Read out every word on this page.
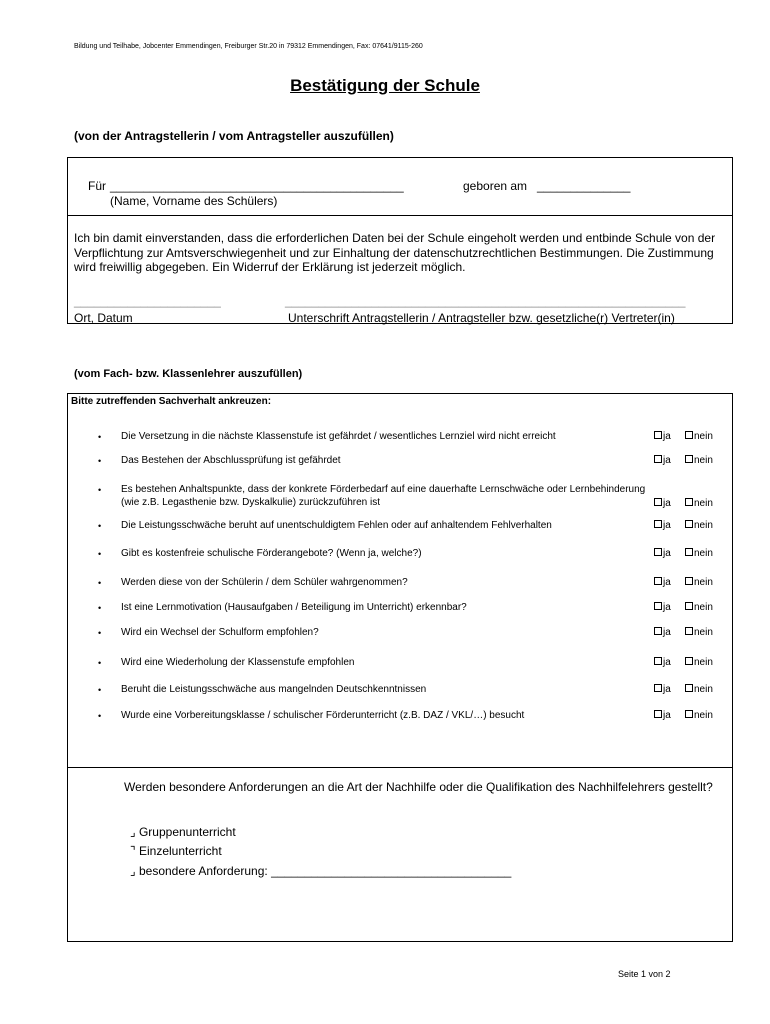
Bildung und Teilhabe, Jobcenter Emmendingen, Freiburger Str.20 in 79312 Emmendingen, Fax: 07641/9115-260
Bestätigung der Schule
(von der Antragstellerin / vom Antragsteller auszufüllen)
Für ____________________________________________	geboren am ______________
(Name, Vorname des Schülers)
Ich bin damit einverstanden, dass die erforderlichen Daten bei der Schule eingeholt werden und entbinde Schule von der Verpflichtung zur Amtsverschwiegenheit und zur Einhaltung der datenschutzrechtlichen Bestimmungen. Die Zustimmung wird freiwillig abgegeben. Ein Widerruf der Erklärung ist jederzeit möglich.
______________________	____________________________________________________________
Ort, Datum	Unterschrift Antragstellerin / Antragsteller bzw. gesetzliche(r) Vertreter(in)
(vom Fach- bzw. Klassenlehrer auszufüllen)
Bitte zutreffenden Sachverhalt ankreuzen:
• Die Versetzung in die nächste Klassenstufe ist gefährdet / wesentliches Lernziel wird nicht erreicht	ja	nein
• Das Bestehen der Abschlussprüfung ist gefährdet	ja	nein
• Es bestehen Anhaltspunkte, dass der konkrete Förderbedarf auf eine dauerhafte Lernschwäche oder Lernbehinderung (wie z.B. Legasthenie bzw. Dyskalkulie) zurückzuführen ist	ja	nein
• Die Leistungsschwäche beruht auf unentschuldigtem Fehlen oder auf anhaltendem Fehlverhalten	ja	nein
• Gibt es kostenfreie schulische Förderangebote? (Wenn ja, welche?)	ja	nein
• Werden diese von der Schülerin / dem Schüler wahrgenommen?	ja	nein
• Ist eine Lernmotivation (Hausaufgaben / Beteiligung im Unterricht) erkennbar?	ja	nein
• Wird ein Wechsel der Schulform empfohlen?	ja	nein
• Wird eine Wiederholung der Klassenstufe empfohlen	ja	nein
• Beruht die Leistungsschwäche aus mangelnden Deutschkenntnissen	ja	nein
• Wurde eine Vorbereitungsklasse / schulischer Förderunterricht (z.B. DAZ / VKL/…) besucht	ja	nein
Werden besondere Anforderungen an die Art der Nachhilfe oder die Qualifikation des Nachhilfelehrers gestellt?
⌟ Gruppenunterricht
⌝ Einzelunterricht
⌟ besondere Anforderung: ____________________________________
Seite 1 von 2
